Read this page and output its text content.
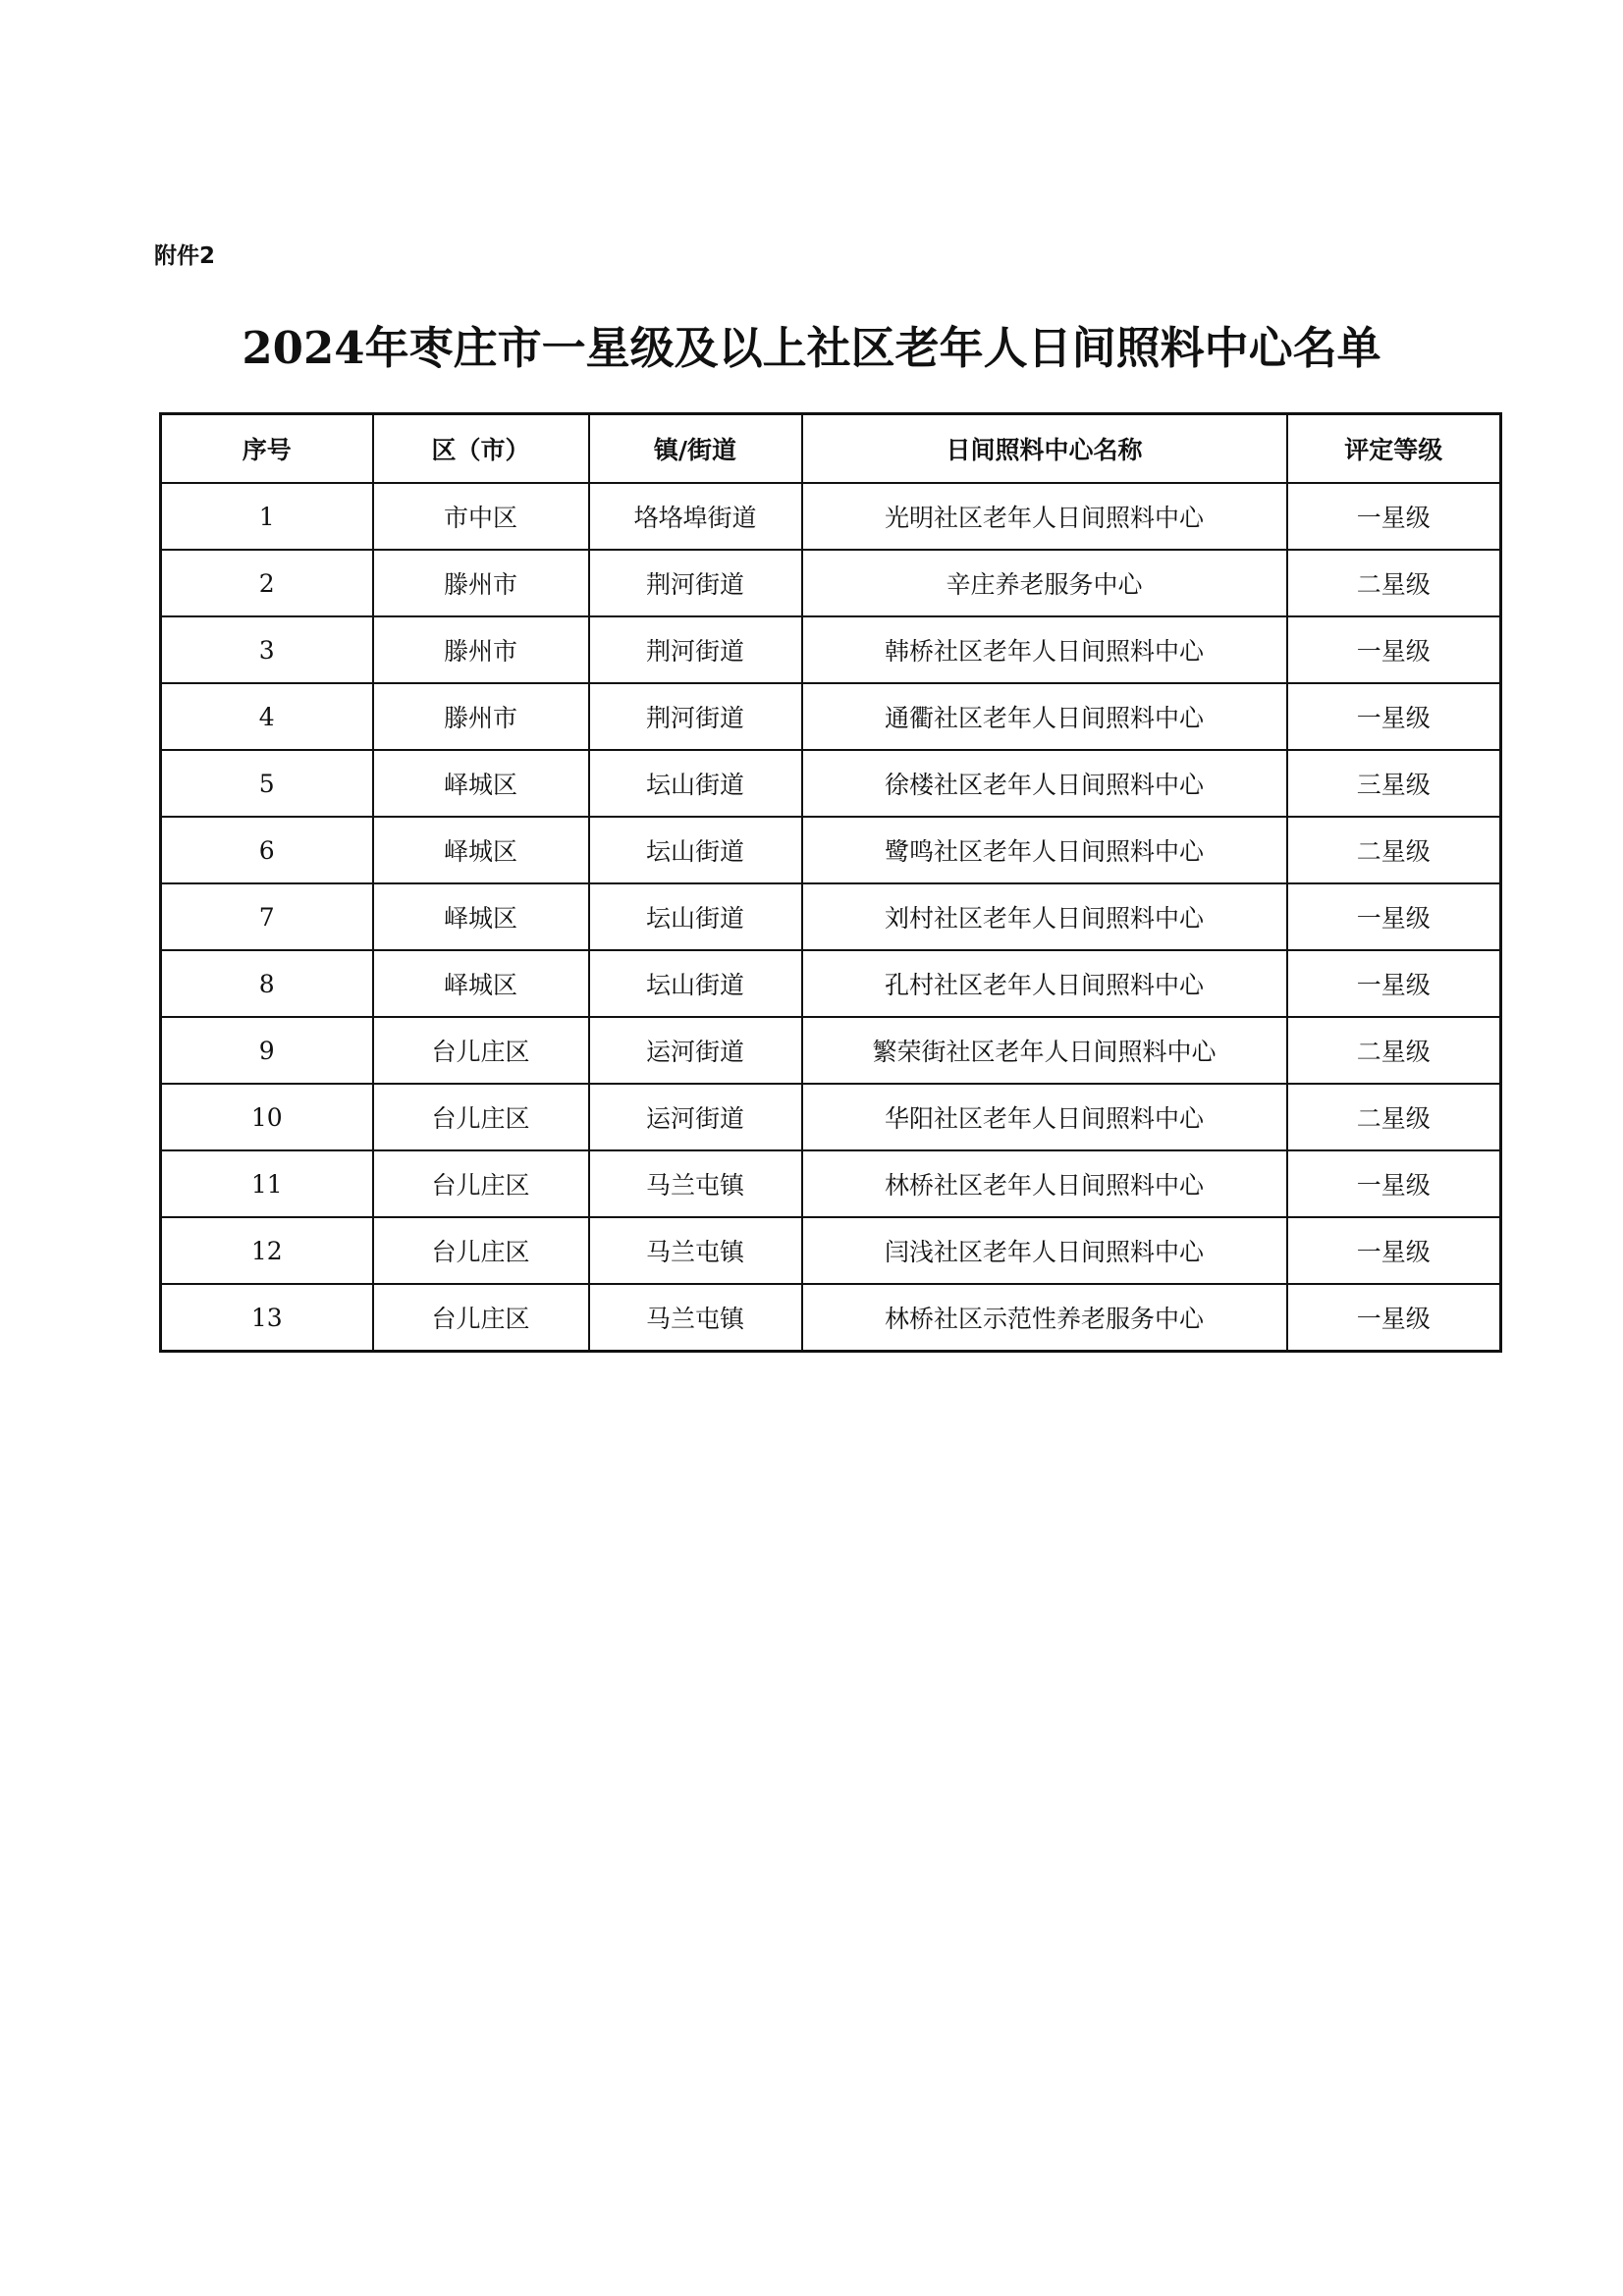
附件2
2024年枣庄市一星级及以上社区老年人日间照料中心名单
序号	区（市）	镇/街道	日间照料中心名称	评定等级
1	市中区	垎垎埠街道	光明社区老年人日间照料中心	一星级
2	滕州市	荆河街道	辛庄养老服务中心	二星级
3	滕州市	荆河街道	韩桥社区老年人日间照料中心	一星级
4	滕州市	荆河街道	通衢社区老年人日间照料中心	一星级
5	峄城区	坛山街道	徐楼社区老年人日间照料中心	三星级
6	峄城区	坛山街道	鹭鸣社区老年人日间照料中心	二星级
7	峄城区	坛山街道	刘村社区老年人日间照料中心	一星级
8	峄城区	坛山街道	孔村社区老年人日间照料中心	一星级
9	台儿庄区	运河街道	繁荣街社区老年人日间照料中心	二星级
10	台儿庄区	运河街道	华阳社区老年人日间照料中心	二星级
11	台儿庄区	马兰屯镇	林桥社区老年人日间照料中心	一星级
12	台儿庄区	马兰屯镇	闫浅社区老年人日间照料中心	一星级
13	台儿庄区	马兰屯镇	林桥社区示范性养老服务中心	一星级
